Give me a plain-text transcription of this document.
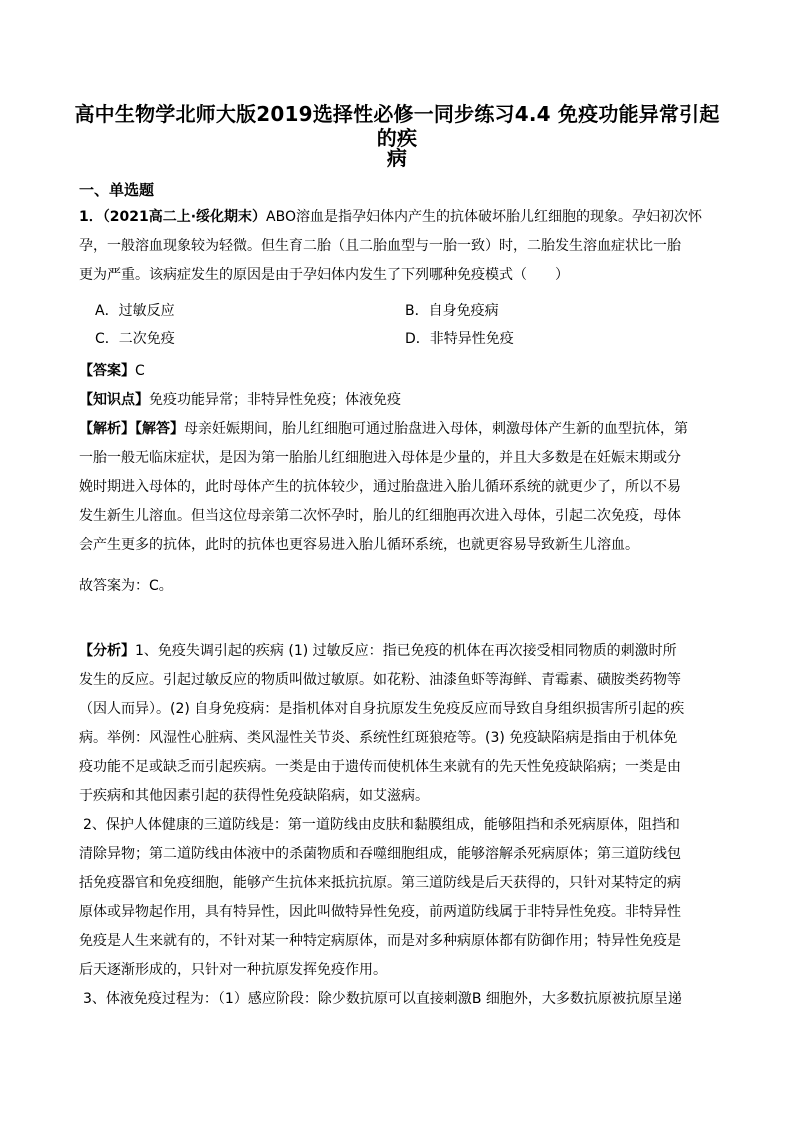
高中生物学北师大版2019选择性必修一同步练习4.4 免疫功能异常引起的疾
病
一、单选题
1．（2021高二上·绥化期末）ABO溶血是指孕妇体内产生的抗体破坏胎儿红细胞的现象。孕妇初次怀
孕，一般溶血现象较为轻微。但生育二胎（且二胎血型与一胎一致）时，二胎发生溶血症状比一胎
更为严重。该病症发生的原因是由于孕妇体内发生了下列哪种免疫模式（　　）
A．过敏反应	B．自身免疫病
C．二次免疫	D．非特异性免疫
【答案】C
【知识点】免疫功能异常；非特异性免疫；体液免疫
【解析】【解答】母亲妊娠期间，胎儿红细胞可通过胎盘进入母体，刺激母体产生新的血型抗体，第
一胎一般无临床症状，是因为第一胎胎儿红细胞进入母体是少量的，并且大多数是在妊娠末期或分
娩时期进入母体的，此时母体产生的抗体较少，通过胎盘进入胎儿循环系统的就更少了，所以不易
发生新生儿溶血。但当这位母亲第二次怀孕时，胎儿的红细胞再次进入母体，引起二次免疫，母体
会产生更多的抗体，此时的抗体也更容易进入胎儿循环系统，也就更容易导致新生儿溶血。
故答案为：C。
【分析】1、免疫失调引起的疾病 (1) 过敏反应：指已免疫的机体在再次接受相同物质的刺激时所
发生的反应。引起过敏反应的物质叫做过敏原。如花粉、油漆鱼虾等海鲜、青霉素、磺胺类药物等
（因人而异）。(2) 自身免疫病：是指机体对自身抗原发生免疫反应而导致自身组织损害所引起的疾
病。举例：风湿性心脏病、类风湿性关节炎、系统性红斑狼疮等。(3) 免疫缺陷病是指由于机体免
疫功能不足或缺乏而引起疾病。一类是由于遗传而使机体生来就有的先天性免疫缺陷病；一类是由
于疾病和其他因素引起的获得性免疫缺陷病，如艾滋病。
2、保护人体健康的三道防线是：第一道防线由皮肤和黏膜组成，能够阻挡和杀死病原体，阻挡和
清除异物；第二道防线由体液中的杀菌物质和吞噬细胞组成，能够溶解杀死病原体；第三道防线包
括免疫器官和免疫细胞，能够产生抗体来抵抗抗原。第三道防线是后天获得的，只针对某特定的病
原体或异物起作用，具有特异性，因此叫做特异性免疫，前两道防线属于非特异性免疫。非特异性
免疫是人生来就有的，不针对某一种特定病原体，而是对多种病原体都有防御作用；特异性免疫是
后天逐渐形成的，只针对一种抗原发挥免疫作用。
3、体液免疫过程为：（1）感应阶段：除少数抗原可以直接刺激B 细胞外，大多数抗原被抗原呈递
